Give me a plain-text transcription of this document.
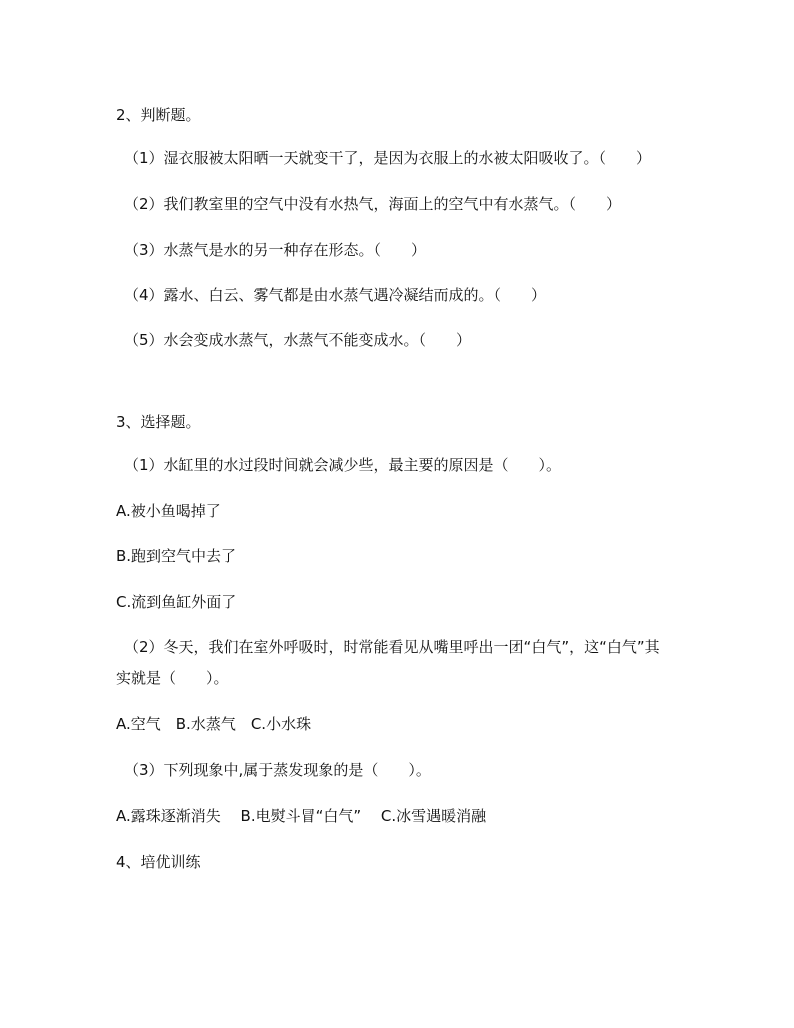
2、判断题。
（1）湿衣服被太阳晒一天就变干了，是因为衣服上的水被太阳吸收了。（　　）
（2）我们教室里的空气中没有水热气，海面上的空气中有水蒸气。（　　）
（3）水蒸气是水的另一种存在形态。（　　）
（4）露水、白云、雾气都是由水蒸气遇冷凝结而成的。（　　）
（5）水会变成水蒸气，水蒸气不能变成水。（　　）
3、选择题。
（1）水缸里的水过段时间就会减少些，最主要的原因是（　　）。
A.被小鱼喝掉了
B.跑到空气中去了
C.流到鱼缸外面了
（2）冬天，我们在室外呼吸时，时常能看见从嘴里呼出一团“白气”，这“白气”其
实就是（　　）。
A.空气　B.水蒸气　C.小水珠
（3）下列现象中,属于蒸发现象的是（　　）。
A.露珠逐渐消失　 B.电熨斗冒“白气”　 C.冰雪遇暖消融
4、培优训练
